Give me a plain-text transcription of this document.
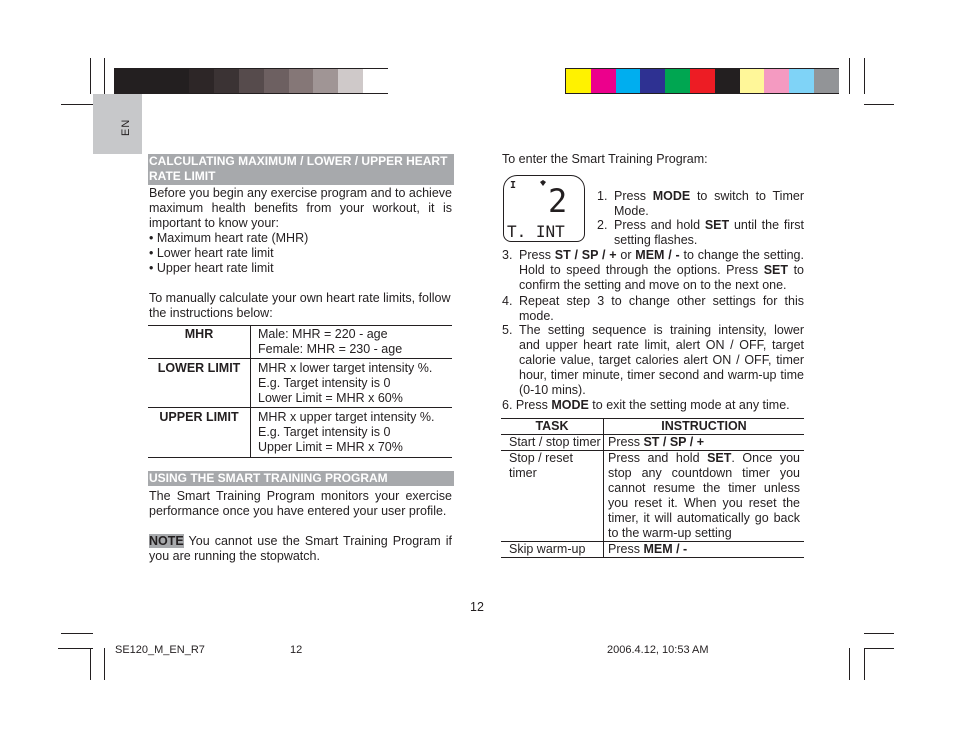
EN
CALCULATING MAXIMUM / LOWER / UPPER HEART RATE LIMIT
Before you begin any exercise program and to achieve maximum health benefits from your workout, it is important to know your:
• Maximum heart rate (MHR)
• Lower heart rate limit
• Upper heart rate limit
To manually calculate your own heart rate limits, follow the instructions below:
MHR	Male: MHR = 220 - age
Female: MHR = 230 - age

LOWER LIMIT	MHR x lower target intensity %.
E.g. Target intensity is 0
Lower Limit = MHR x 60%

UPPER LIMIT	MHR x upper target intensity %.
E.g. Target intensity is 0
Upper Limit = MHR x 70%
USING THE SMART TRAINING PROGRAM
The Smart Training Program monitors your exercise performance once you have entered your user profile.
NOTE You cannot use the Smart Training Program if you are running the stopwatch.
To enter the Smart Training Program:
I 2
T. INT
1. Press MODE to switch to Timer Mode.
2. Press and hold SET until the first setting flashes.
3. Press ST / SP / + or MEM / - to change the setting. Hold to speed through the options. Press SET to confirm the setting and move on to the next one.
4. Repeat step 3 to change other settings for this mode.
5. The setting sequence is training intensity, lower and upper heart rate limit, alert ON / OFF, target calorie value, target calories alert ON / OFF, timer hour, timer minute, timer second and warm-up time (0-10 mins).
6. Press MODE to exit the setting mode at any time.
TASK	INSTRUCTION
Start / stop timer	Press ST / SP / +
Stop / reset timer	Press and hold SET. Once you stop any countdown timer you cannot resume the timer unless you reset it. When you reset the timer, it will automatically go back to the warm-up setting
Skip warm-up	Press MEM / -
12
SE120_M_EN_R7	12	2006.4.12, 10:53 AM
